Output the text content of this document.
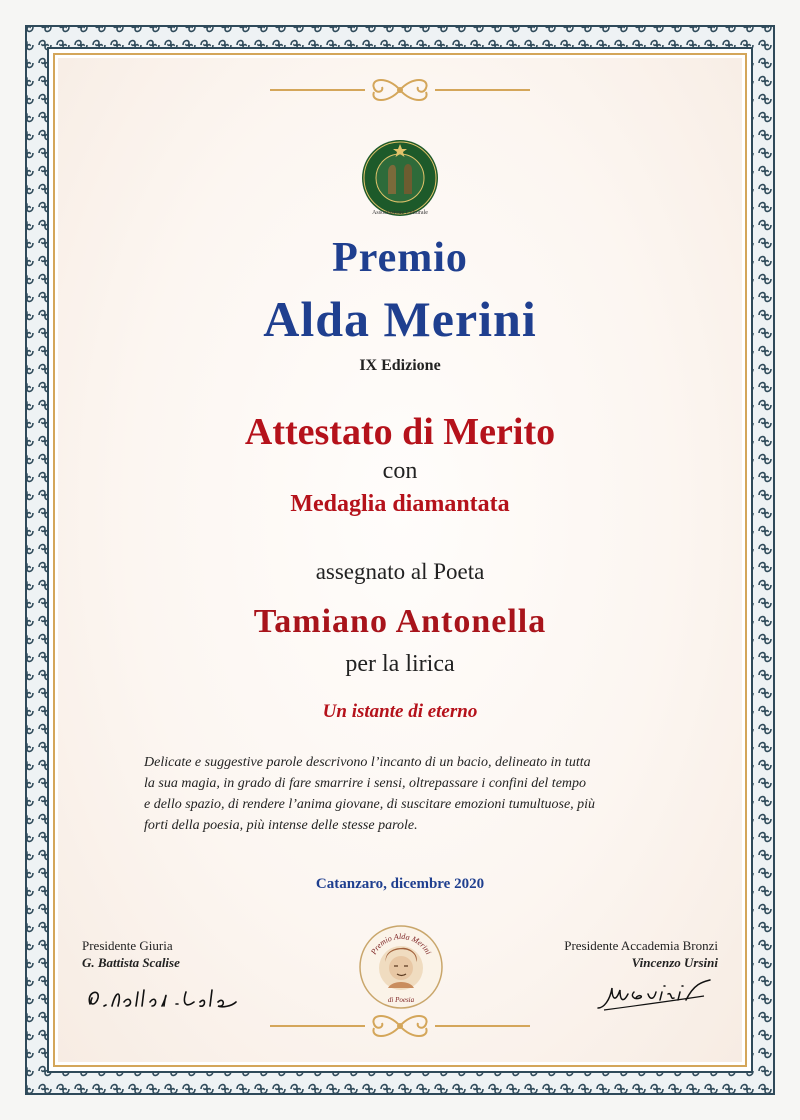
Associazione Culturale
Premio
Alda Merini
IX Edizione
Attestato di Merito
con
Medaglia diamantata
assegnato al Poeta
Tamiano Antonella
per la lirica
Un istante di eterno
Delicate e suggestive parole descrivono l’incanto di un bacio, delineato in tutta
la sua magia, in grado di fare smarrire i sensi, oltrepassare i confini del tempo
e dello spazio, di rendere l’anima giovane, di suscitare emozioni tumultuose, più
forti della poesia, più intense delle stesse parole.
Catanzaro, dicembre 2020
Presidente Giuria
G. Battista Scalise
Premio Alda Merini
di Poesia
Presidente Accademia Bronzi
Vincenzo Ursini
